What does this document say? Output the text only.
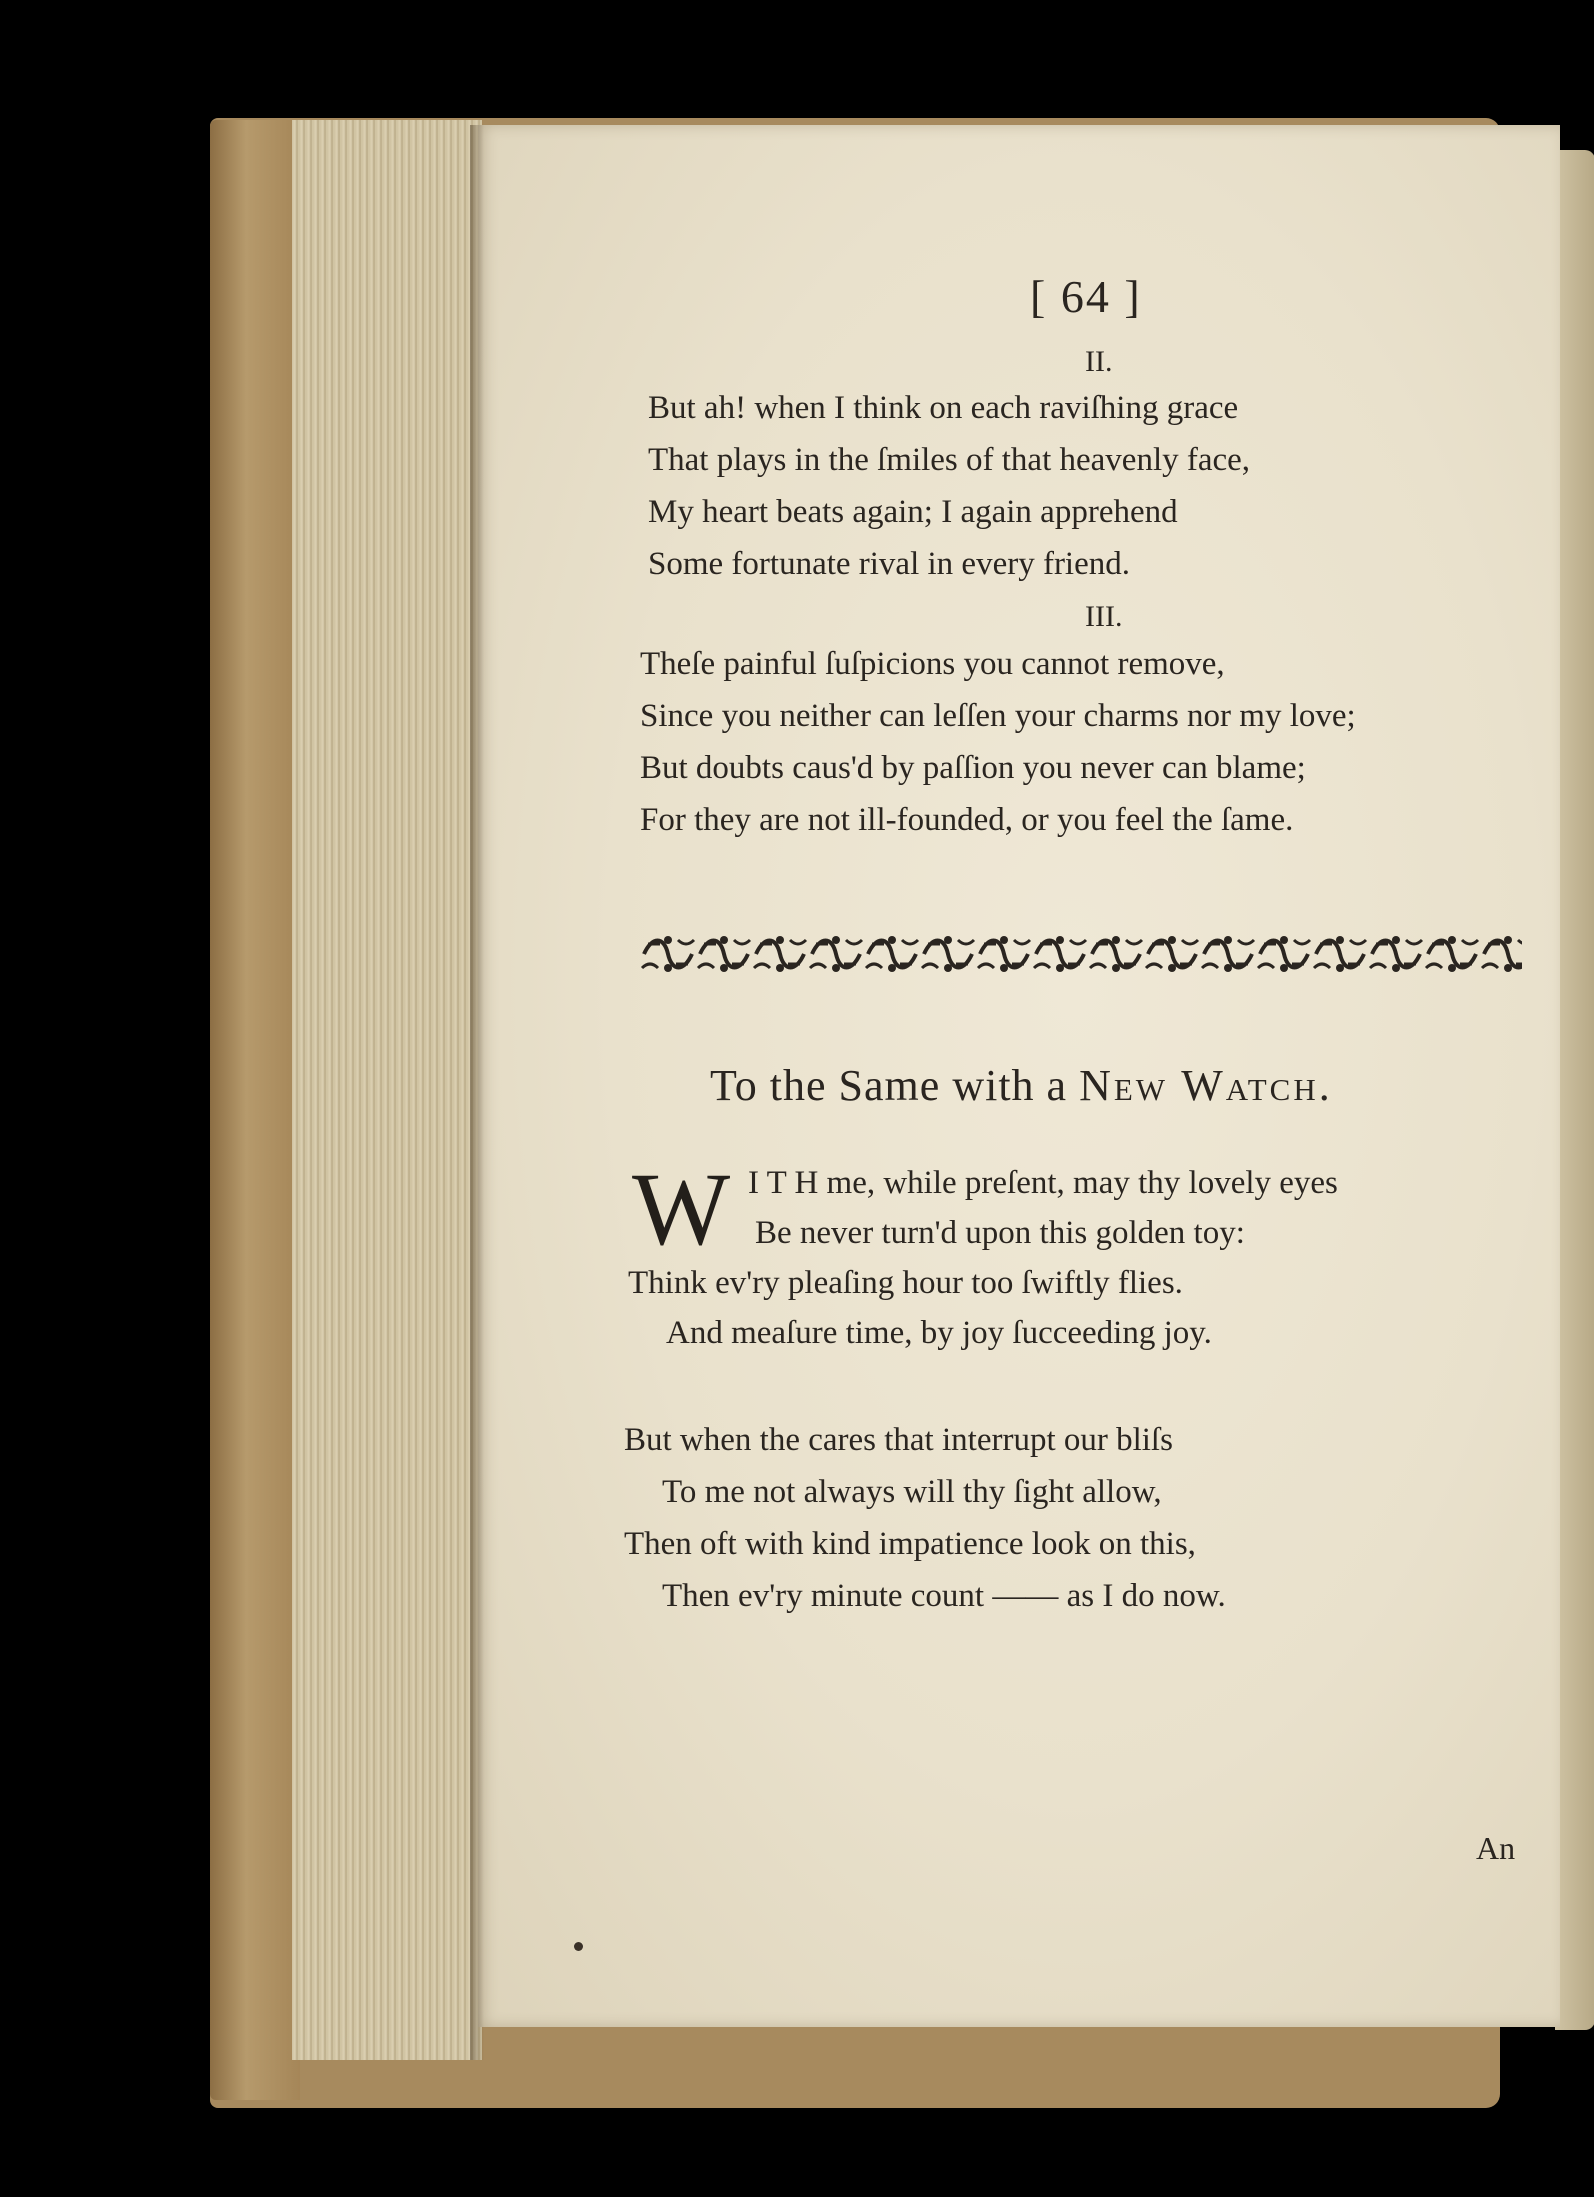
[ 64 ]
II.
But ah! when I think on each raviſhing grace
That plays in the ſmiles of that heavenly face,
My heart beats again; I again apprehend
Some fortunate rival in every friend.
III.
Theſe painful ſuſpicions you cannot remove,
Since you neither can leſſen your charms nor my love;
But doubts caus'd by paſſion you never can blame;
For they are not ill-founded, or you feel the ſame.
To the Same with a New Watch.
W I T H me, while preſent, may thy lovely eyes
Be never turn'd upon this golden toy:
Think ev'ry pleaſing hour too ſwiftly flies.
And meaſure time, by joy ſucceeding joy.
But when the cares that interrupt our bliſs
To me not always will thy ſight allow,
Then oft with kind impatience look on this,
Then ev'ry minute count —— as I do now.
An
